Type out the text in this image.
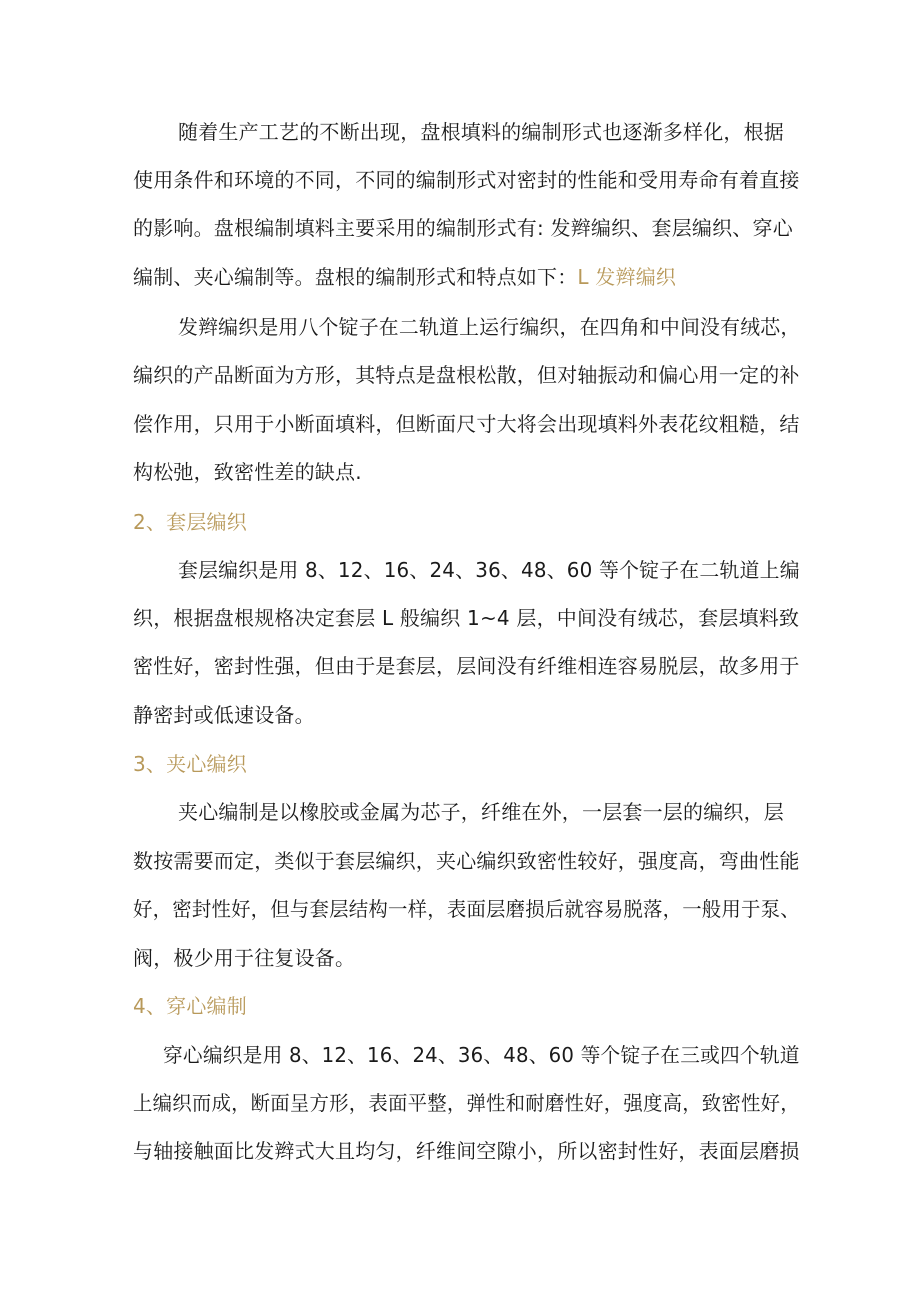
随着生产工艺的不断出现，盘根填料的编制形式也逐渐多样化，根据
使用条件和环境的不同，不同的编制形式对密封的性能和受用寿命有着直接
的影响。盘根编制填料主要采用的编制形式有: 发辫编织、套层编织、穿心
编制、夹心编制等。盘根的编制形式和特点如下：L 发辫编织
发辫编织是用八个锭子在二轨道上运行编织，在四角和中间没有绒芯，
编织的产品断面为方形，其特点是盘根松散，但对轴振动和偏心用一定的补
偿作用，只用于小断面填料，但断面尺寸大将会出现填料外表花纹粗糙，结
构松弛，致密性差的缺点.
2、套层编织
套层编织是用 8、12、16、24、36、48、60 等个锭子在二轨道上编
织，根据盘根规格决定套层 L 般编织 1~4 层，中间没有绒芯，套层填料致
密性好，密封性强，但由于是套层，层间没有纤维相连容易脱层，故多用于
静密封或低速设备。
3、夹心编织
夹心编制是以橡胶或金属为芯子，纤维在外，一层套一层的编织，层
数按需要而定，类似于套层编织，夹心编织致密性较好，强度高，弯曲性能
好，密封性好，但与套层结构一样，表面层磨损后就容易脱落，一般用于泵、
阀，极少用于往复设备。
4、穿心编制
穿心编织是用 8、12、16、24、36、48、60 等个锭子在三或四个轨道
上编织而成，断面呈方形，表面平整，弹性和耐磨性好，强度高，致密性好，
与轴接触面比发辫式大且均匀，纤维间空隙小，所以密封性好，表面层磨损
